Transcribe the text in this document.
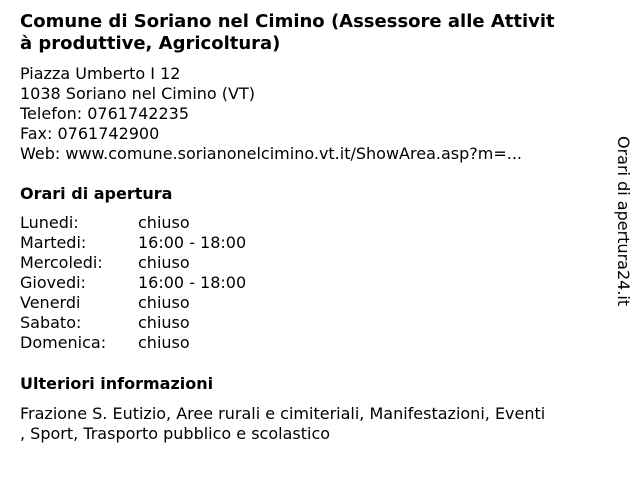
Comune di Soriano nel Cimino (Assessore alle Attivit
à produttive, Agricoltura)
Piazza Umberto I 12
1038 Soriano nel Cimino (VT)
Telefon: 0761742235
Fax: 0761742900
Web: www.comune.sorianonelcimino.vt.it/ShowArea.asp?m=...
Orari di apertura
Lunedi:	chiuso
Martedi:	16:00 - 18:00
Mercoledi: chiuso
Giovedi:	16:00 - 18:00
Venerdi	chiuso
Sabato:	chiuso
Domenica: chiuso
Ulteriori informazioni
Frazione S. Eutizio, Aree rurali e cimiteriali, Manifestazioni, Eventi
, Sport, Trasporto pubblico e scolastico
Orari di apertura24.it
